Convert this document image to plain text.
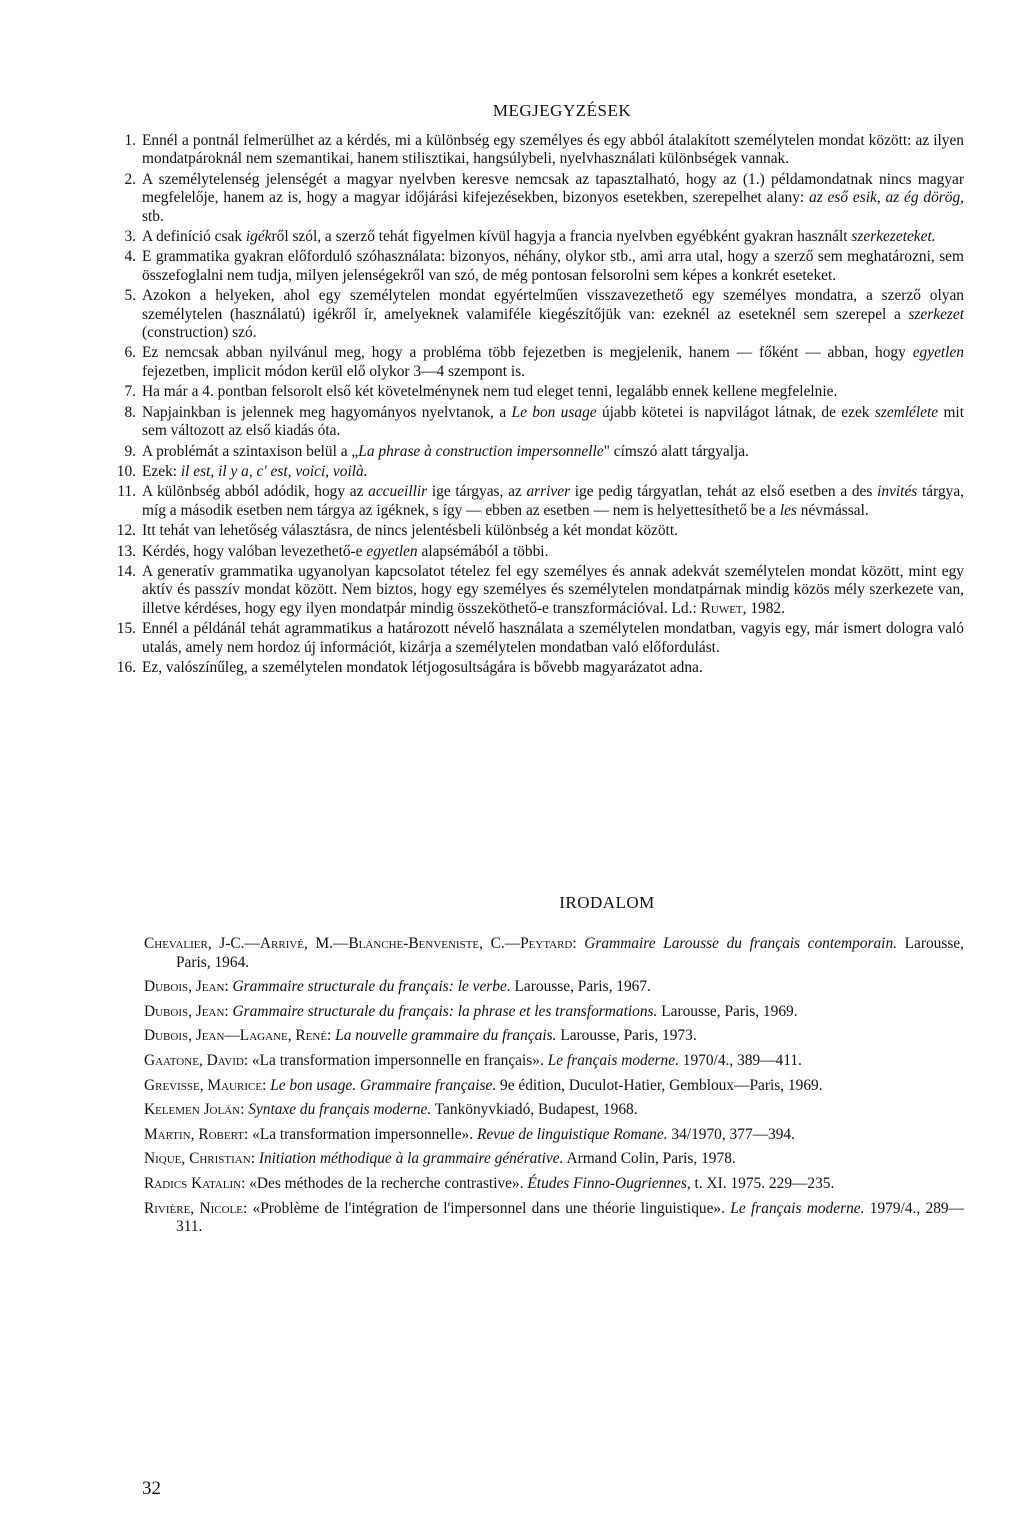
MEGJEGYZÉSEK
1. Ennél a pontnál felmerülhet az a kérdés, mi a különbség egy személyes és egy abból átalakított személytelen mondat között: az ilyen mondatpároknál nem szemantikai, hanem stilisztikai, hangsúlybeli, nyelvhasználati különbségek vannak.
2. A személytelenség jelenségét a magyar nyelvben keresve nemcsak az tapasztalható, hogy az (1.) példamondatnak nincs magyar megfelelője, hanem az is, hogy a magyar időjárási kifejezésekben, bizonyos esetekben, szerepelhet alany: az eső esik, az ég dörög, stb.
3. A definíció csak igékről szól, a szerző tehát figyelmen kívül hagyja a francia nyelvben egyébként gyakran használt szerkezeteket.
4. E grammatika gyakran előforduló szóhasználata: bizonyos, néhány, olykor stb., ami arra utal, hogy a szerző sem meghatározni, sem összefoglalni nem tudja, milyen jelenségekről van szó, de még pontosan felsorolni sem képes a konkrét eseteket.
5. Azokon a helyeken, ahol egy személytelen mondat egyértelműen visszavezethető egy személyes mondatra, a szerző olyan személytelen (használatú) igékről ír, amelyeknek valamiféle kiegészítőjük van: ezeknél az eseteknél sem szerepel a szerkezet (construction) szó.
6. Ez nemcsak abban nyilvánul meg, hogy a probléma több fejezetben is megjelenik, hanem — főként — abban, hogy egyetlen fejezetben, implicit módon kerül elő olykor 3—4 szempont is.
7. Ha már a 4. pontban felsorolt első két követelménynek nem tud eleget tenni, legalább ennek kellene megfelelnie.
8. Napjainkban is jelennek meg hagyományos nyelvtanok, a Le bon usage újabb kötetei is napvilágot látnak, de ezek szemlélete mit sem változott az első kiadás óta.
9. A problémát a szintaxison belül a „La phrase à construction impersonnelle" címszó alatt tárgyalja.
10. Ezek: il est, il y a, c' est, voici, voilà.
11. A különbség abból adódik, hogy az accueillir ige tárgyas, az arriver ige pedig tárgyatlan, tehát az első esetben a des invités tárgya, míg a második esetben nem tárgya az igéknek, s így — ebben az esetben — nem is helyettesíthető be a les névmással.
12. Itt tehát van lehetőség választásra, de nincs jelentésbeli különbség a két mondat között.
13. Kérdés, hogy valóban levezethető-e egyetlen alapsémából a többi.
14. A generatív grammatika ugyanolyan kapcsolatot tételez fel egy személyes és annak adekvát személytelen mondat között, mint egy aktív és passzív mondat között. Nem biztos, hogy egy személyes és személytelen mondatpárnak mindig közös mély szerkezete van, illetve kérdéses, hogy egy ilyen mondatpár mindig összeköthető-e transzformációval. Ld.: Ruwet, 1982.
15. Ennél a példánál tehát agrammatikus a határozott névelő használata a személytelen mondatban, vagyis egy, már ismert dologra való utalás, amely nem hordoz új információt, kizárja a személytelen mondatban való előfordulást.
16. Ez, valószínűleg, a személytelen mondatok létjogosultságára is bővebb magyarázatot adna.
IRODALOM
Chevalier, J-C.—Arrivé, M.—Blanche-Benveniste, C.—Peytard: Grammaire Larousse du français contemporain. Larousse, Paris, 1964.
Dubois, Jean: Grammaire structurale du français: le verbe. Larousse, Paris, 1967.
Dubois, Jean: Grammaire structurale du français: la phrase et les transformations. Larousse, Paris, 1969.
Dubois, Jean—Lagane, René: La nouvelle grammaire du français. Larousse, Paris, 1973.
Gaatone, David: «La transformation impersonnelle en français». Le français moderne. 1970/4., 389—411.
Grevisse, Maurice: Le bon usage. Grammaire française. 9e édition, Duculot-Hatier, Gembloux—Paris, 1969.
Kelemen Jolán: Syntaxe du français moderne. Tankönyvkiadó, Budapest, 1968.
Martin, Robert: «La transformation impersonnelle». Revue de linguistique Romane. 34/1970, 377—394.
Nique, Christian: Initiation méthodique à la grammaire générative. Armand Colin, Paris, 1978.
Radics Katalin: «Des méthodes de la recherche contrastive». Études Finno-Ougriennes, t. XI. 1975. 229—235.
Rivière, Nicole: «Problème de l'intégration de l'impersonnel dans une théorie linguistique». Le français moderne. 1979/4., 289—311.
32
